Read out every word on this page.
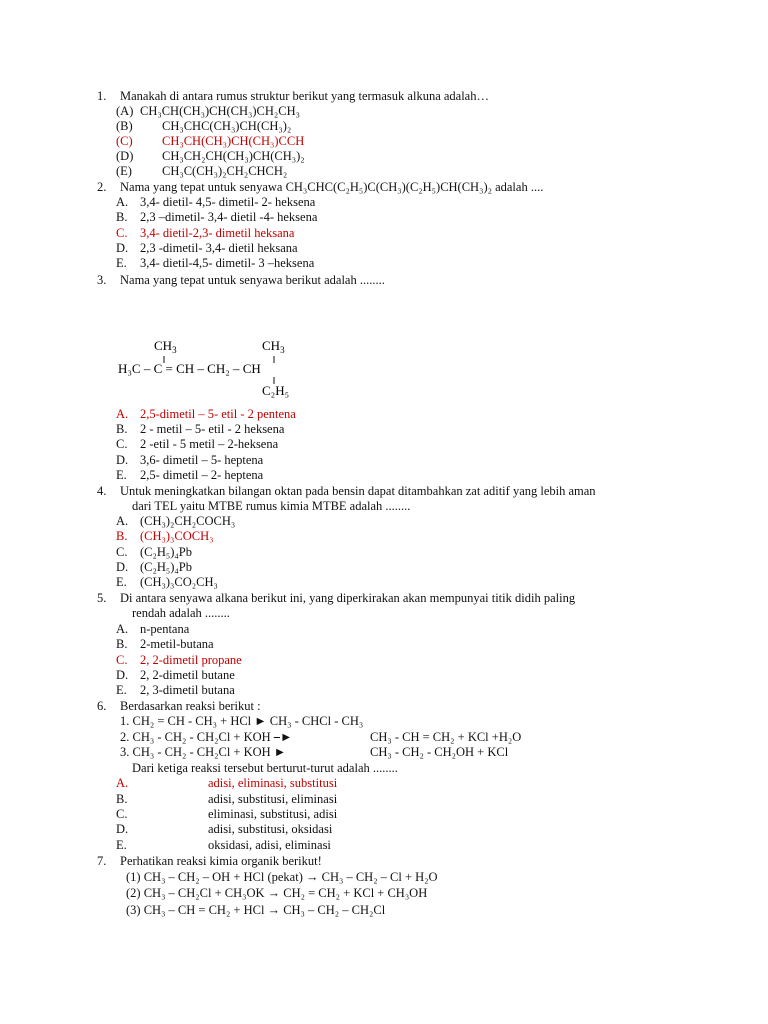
1. Manakah di antara rumus struktur berikut yang termasuk alkuna adalah…
(A) CH₃CH(CH₃)CH(CH₃)CH₂CH₃
(B) CH₃CHC(CH₃)CH(CH₃)₂
(C) CH₃CH(CH₃)CH(CH₃)CCH
(D) CH₃CH₂CH(CH₃)CH(CH₃)₂
(E) CH₃C(CH₃)₂CH₂CHCH₂
2. Nama yang tepat untuk senyawa CH₃CHC(C₂H₅)C(CH₃)(C₂H₅)CH(CH₃)₂ adalah ....
A. 3,4- dietil- 4,5- dimetil- 2- heksena
B. 2,3 –dimetil- 3,4- dietil -4- heksena
C. 3,4- dietil-2,3- dimetil heksana
D. 2,3 -dimetil- 3,4- dietil heksana
E. 3,4- dietil-4,5- dimetil- 3 –heksena
3. Nama yang tepat untuk senyawa berikut adalah ........
$CH_3$	$CH_3$
H₃C – C = CH – CH₂ – CH
C₂H₅
A. 2,5-dimetil – 5- etil - 2 pentena
B. 2 - metil – 5- etil - 2 heksena
C. 2 -etil - 5 metil – 2-heksena
D. 3,6- dimetil – 5- heptena
E. 2,5- dimetil – 2- heptena
4. Untuk meningkatkan bilangan oktan pada bensin dapat ditambahkan zat aditif yang lebih aman
dari TEL yaitu MTBE rumus kimia MTBE adalah ........
A. (CH₃)₂CH₂COCH₃
B. (CH₃)₃COCH₃
C. (C₂H₅)₄Pb
D. (C₂H₅)₄Pb
E. (CH₃)₃CO₂CH₃
5. Di antara senyawa alkana berikut ini, yang diperkirakan akan mempunyai titik didih paling
rendah adalah ........
A. n-pentana
B. 2-metil-butana
C. 2, 2-dimetil propane
D. 2, 2-dimetil butane
E. 2, 3-dimetil butana
6. Berdasarkan reaksi berikut :
1. CH₂ = CH - CH₃ + HCl ► CH₃ - CHCl - CH₃
2. CH₃ - CH₂ - CH₂Cl + KOH ⎯►	CH₃ - CH = CH₂ + KCl +H₂O
3. CH₃ - CH₂ - CH₂Cl + KOH ►	CH₃ - CH₂ - CH₂OH + KCl
Dari ketiga reaksi tersebut berturut-turut adalah ........
A.	adisi, eliminasi, substitusi
B.	adisi, substitusi, eliminasi
C.	eliminasi, substitusi, adisi
D.	adisi, substitusi, oksidasi
E.	oksidasi, adisi, eliminasi
7. Perhatikan reaksi kimia organik berikut!
(1) CH₃ – CH₂ – OH + HCl (pekat) → CH₃ – CH₂ – Cl + H₂O
(2) CH₃ – CH₂Cl + CH₃OK → CH₂ = CH₂ + KCl + CH₃OH
(3) CH₃ – CH = CH₂ + HCl → CH₃ – CH₂ – CH₂Cl
